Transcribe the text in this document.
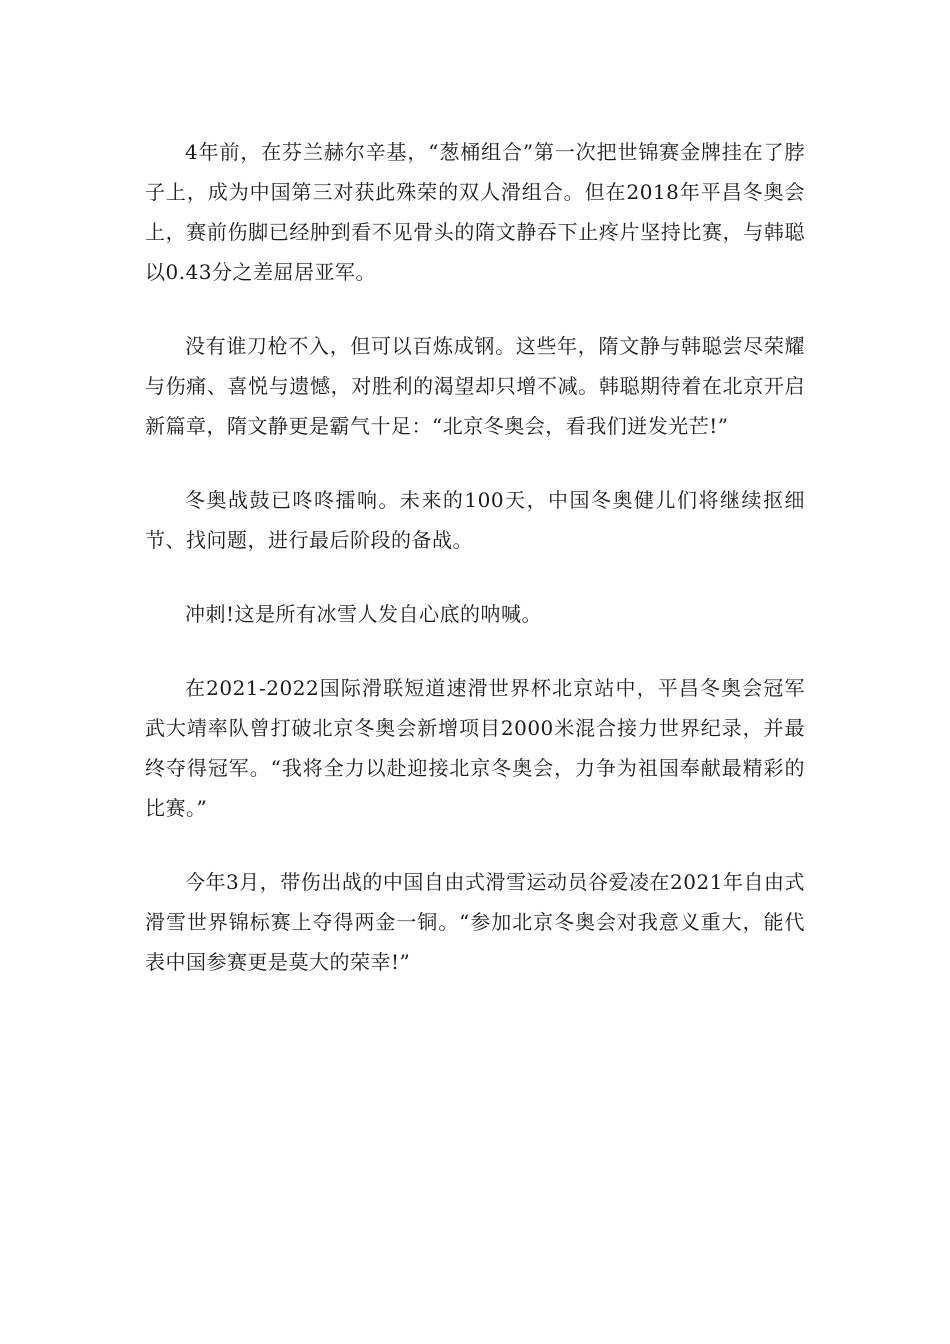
4年前，在芬兰赫尔辛基，“葱桶组合”第一次把世锦赛金牌挂在了脖子上，成为中国第三对获此殊荣的双人滑组合。但在2018年平昌冬奥会上，赛前伤脚已经肿到看不见骨头的隋文静吞下止疼片坚持比赛，与韩聪以0.43分之差屈居亚军。

没有谁刀枪不入，但可以百炼成钢。这些年，隋文静与韩聪尝尽荣耀与伤痛、喜悦与遗憾，对胜利的渴望却只增不减。韩聪期待着在北京开启新篇章，隋文静更是霸气十足：“北京冬奥会，看我们迸发光芒!”

冬奥战鼓已咚咚擂响。未来的100天，中国冬奥健儿们将继续抠细节、找问题，进行最后阶段的备战。

冲刺!这是所有冰雪人发自心底的呐喊。

在2021-2022国际滑联短道速滑世界杯北京站中，平昌冬奥会冠军武大靖率队曾打破北京冬奥会新增项目2000米混合接力世界纪录，并最终夺得冠军。“我将全力以赴迎接北京冬奥会，力争为祖国奉献最精彩的比赛。”

今年3月，带伤出战的中国自由式滑雪运动员谷爱凌在2021年自由式滑雪世界锦标赛上夺得两金一铜。“参加北京冬奥会对我意义重大，能代表中国参赛更是莫大的荣幸!”
